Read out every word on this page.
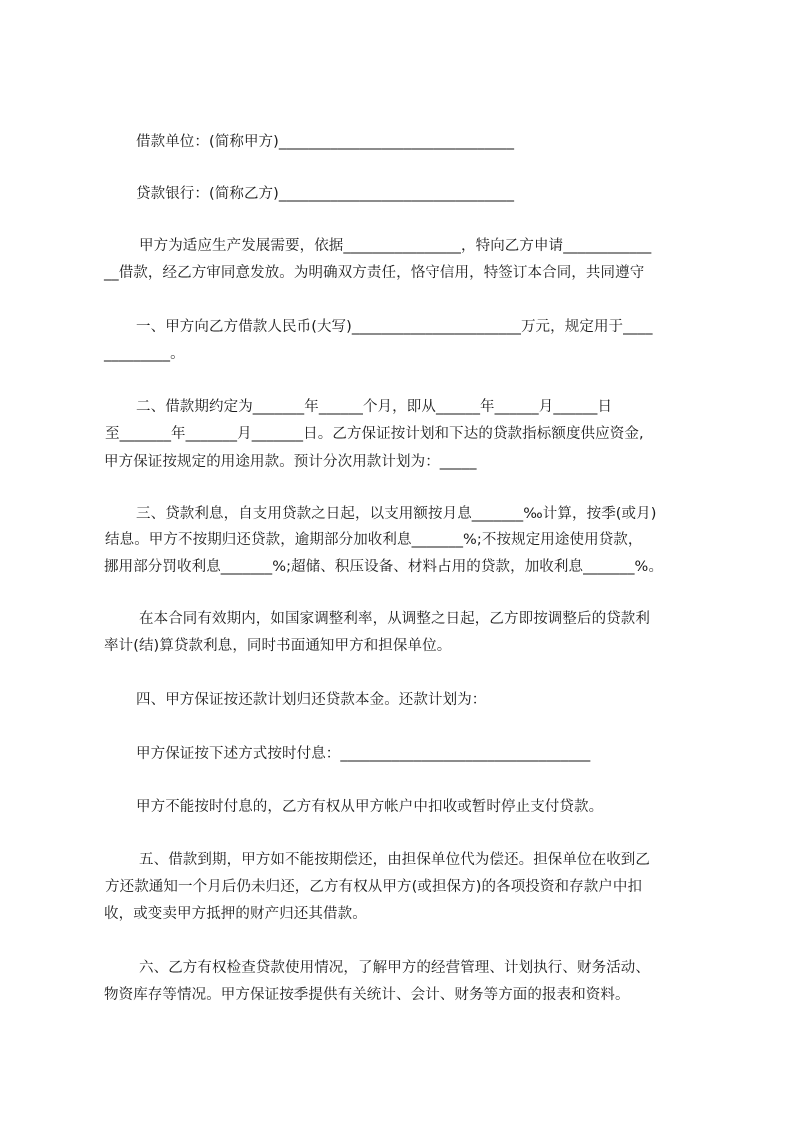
借款单位：(简称甲方)________________________________
贷款银行：(简称乙方)________________________________
甲方为适应生产发展需要，依据________________，特向乙方申请____________
__借款，经乙方审同意发放。为明确双方责任，恪守信用，特签订本合同，共同遵守
一、甲方向乙方借款人民币(大写)_______________________万元，规定用于____
_________。
二、借款期约定为_______年______个月，即从______年______月______日
至_______年_______月_______日。乙方保证按计划和下达的贷款指标额度供应资金,
甲方保证按规定的用途用款。预计分次用款计划为：_____
三、贷款利息，自支用贷款之日起，以支用额按月息_______‰计算，按季(或月)
结息。甲方不按期归还贷款，逾期部分加收利息_______%;不按规定用途使用贷款，
挪用部分罚收利息_______%;超储、积压设备、材料占用的贷款，加收利息_______%。
在本合同有效期内，如国家调整利率，从调整之日起，乙方即按调整后的贷款利
率计(结)算贷款利息，同时书面通知甲方和担保单位。
四、甲方保证按还款计划归还贷款本金。还款计划为：
甲方保证按下述方式按时付息：__________________________________
甲方不能按时付息的，乙方有权从甲方帐户中扣收或暂时停止支付贷款。
五、借款到期，甲方如不能按期偿还，由担保单位代为偿还。担保单位在收到乙
方还款通知一个月后仍未归还，乙方有权从甲方(或担保方)的各项投资和存款户中扣
收，或变卖甲方抵押的财产归还其借款。
六、乙方有权检查贷款使用情况，了解甲方的经营管理、计划执行、财务活动、
物资库存等情况。甲方保证按季提供有关统计、会计、财务等方面的报表和资料。
